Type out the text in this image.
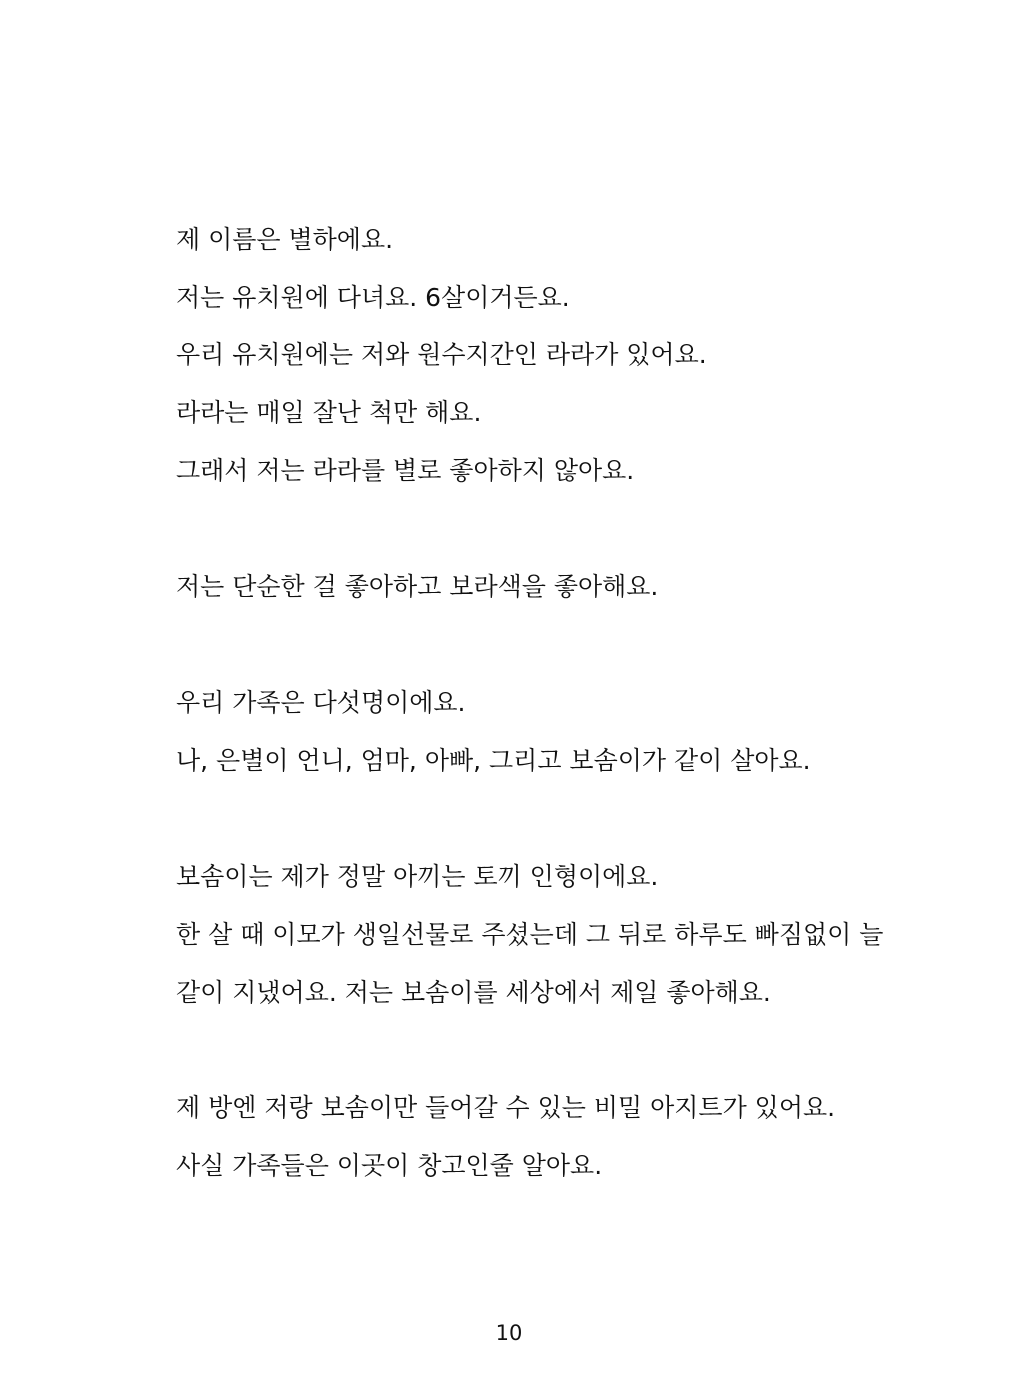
제 이름은 별하에요.
저는 유치원에 다녀요. 6살이거든요.
우리 유치원에는 저와 원수지간인 라라가 있어요.
라라는 매일 잘난 척만 해요.
그래서 저는 라라를 별로 좋아하지 않아요.
저는 단순한 걸 좋아하고 보라색을 좋아해요.
우리 가족은 다섯명이에요.
나, 은별이 언니, 엄마, 아빠, 그리고 보솜이가 같이 살아요.
보솜이는 제가 정말 아끼는 토끼 인형이에요.
한 살 때 이모가 생일선물로 주셨는데 그 뒤로 하루도 빠짐없이 늘
같이 지냈어요. 저는 보솜이를 세상에서 제일 좋아해요.
제 방엔 저랑 보솜이만 들어갈 수 있는 비밀 아지트가 있어요.
사실 가족들은 이곳이 창고인줄 알아요.
10
